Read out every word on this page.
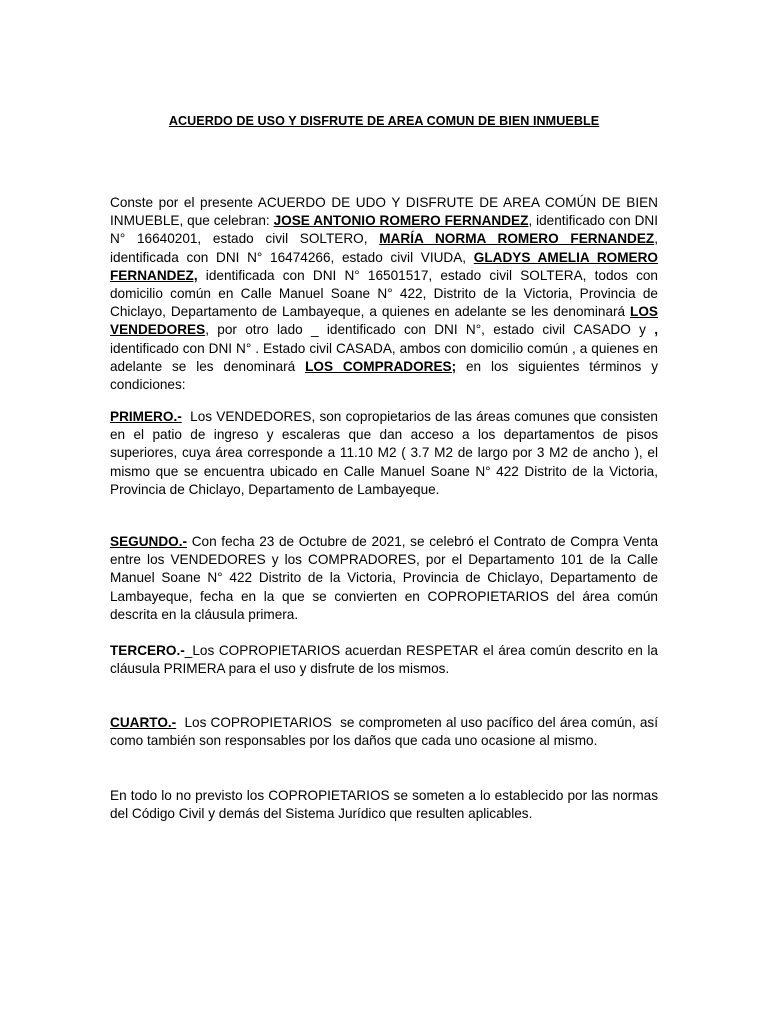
ACUERDO DE USO Y DISFRUTE DE AREA COMUN DE BIEN INMUEBLE
Conste por el presente ACUERDO DE UDO Y DISFRUTE DE AREA COMÚN DE BIEN INMUEBLE, que celebran: JOSE ANTONIO ROMERO FERNANDEZ, identificado con DNI N° 16640201, estado civil SOLTERO, MARÍA NORMA ROMERO FERNANDEZ, identificada con DNI N° 16474266, estado civil VIUDA, GLADYS AMELIA ROMERO FERNANDEZ, identificada con DNI N° 16501517, estado civil SOLTERA, todos con domicilio común en Calle Manuel Soane N° 422, Distrito de la Victoria, Provincia de Chiclayo, Departamento de Lambayeque, a quienes en adelante se les denominará LOS VENDEDORES, por otro lado _ identificado con DNI N°, estado civil CASADO y , identificado con DNI N° . Estado civil CASADA, ambos con domicilio común , a quienes en adelante se les denominará LOS COMPRADORES; en los siguientes términos y condiciones:
PRIMERO.-  Los VENDEDORES, son copropietarios de las áreas comunes que consisten en el patio de ingreso y escaleras que dan acceso a los departamentos de pisos superiores, cuya área corresponde a 11.10 M2 ( 3.7 M2 de largo por 3 M2 de ancho ), el mismo que se encuentra ubicado en Calle Manuel Soane N° 422 Distrito de la Victoria, Provincia de Chiclayo, Departamento de Lambayeque.
SEGUNDO.- Con fecha 23 de Octubre de 2021, se celebró el Contrato de Compra Venta entre los VENDEDORES y los COMPRADORES, por el Departamento 101 de la Calle Manuel Soane N° 422 Distrito de la Victoria, Provincia de Chiclayo, Departamento de Lambayeque, fecha en la que se convierten en COPROPIETARIOS del área común descrita en la cláusula primera.
TERCERO.-_Los COPROPIETARIOS acuerdan RESPETAR el área común descrito en la cláusula PRIMERA para el uso y disfrute de los mismos.
CUARTO.-  Los COPROPIETARIOS  se comprometen al uso pacífico del área común, así como también son responsables por los daños que cada uno ocasione al mismo.
En todo lo no previsto los COPROPIETARIOS se someten a lo establecido por las normas del Código Civil y demás del Sistema Jurídico que resulten aplicables.
